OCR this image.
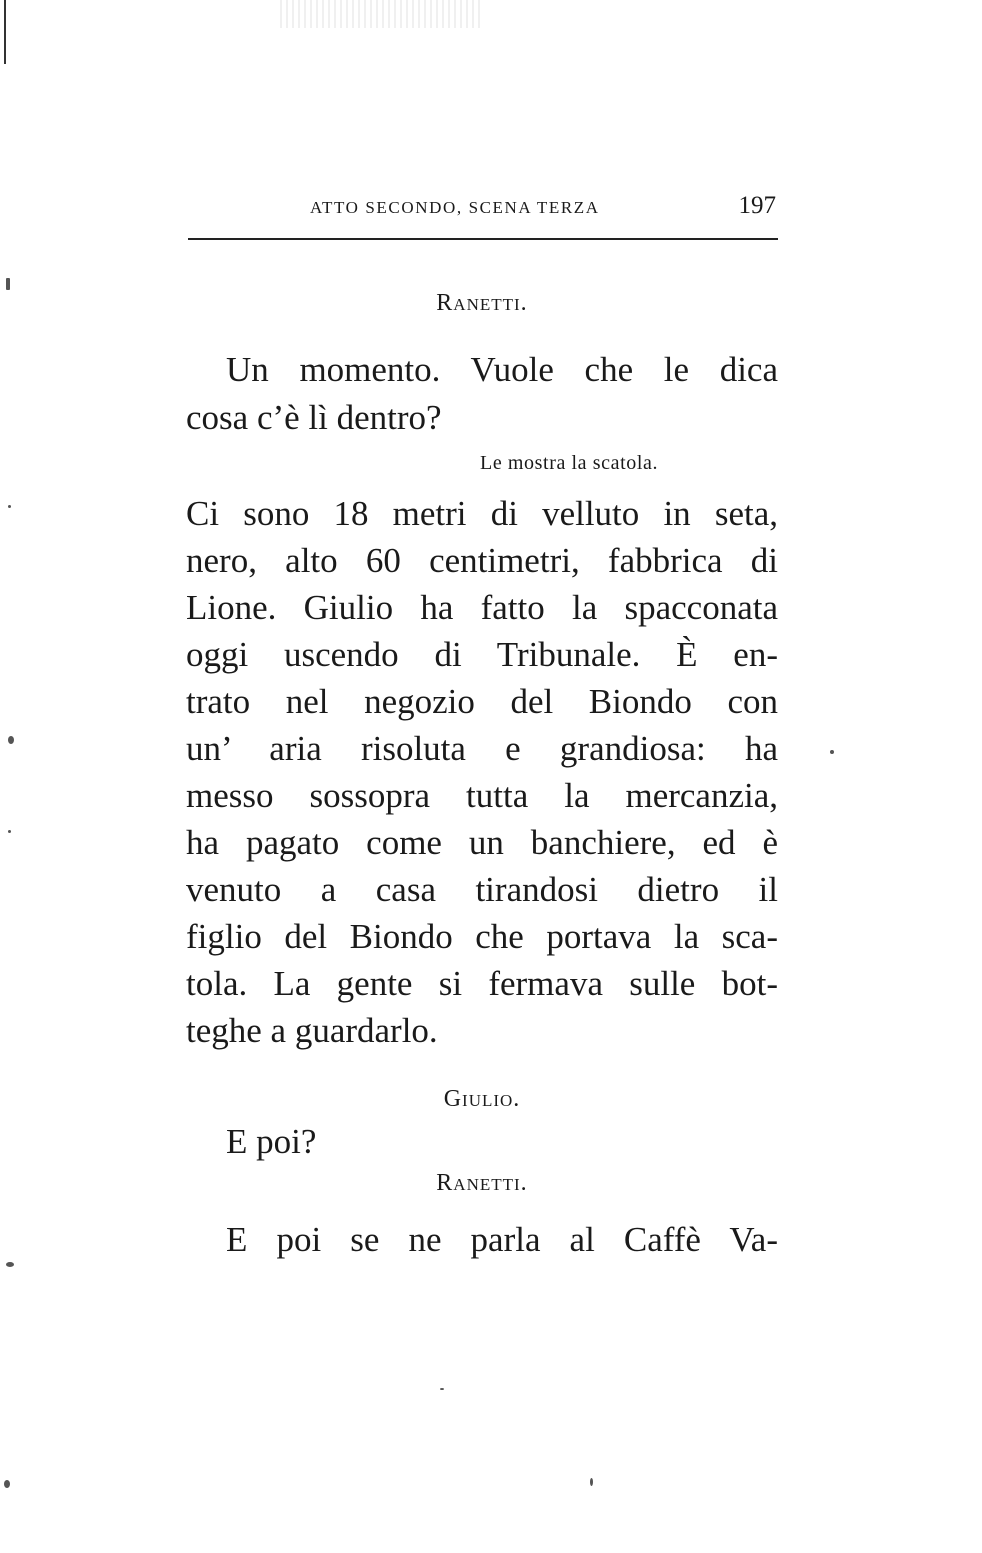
ATTO SECONDO, SCENA TERZA	197
Ranetti.
Un momento. Vuole che le dica
cosa c’è lì dentro?
Le mostra la scatola.
Ci sono 18 metri di velluto in seta,
nero, alto 60 centimetri, fabbrica di
Lione. Giulio ha fatto la spacconata
oggi uscendo di Tribunale. È en-
trato nel negozio del Biondo con
un’ aria risoluta e grandiosa: ha
messo sossopra tutta la mercanzia,
ha pagato come un banchiere, ed è
venuto a casa tirandosi dietro il
figlio del Biondo che portava la sca-
tola. La gente si fermava sulle bot-
teghe a guardarlo.
Giulio.
E poi?
Ranetti.
E poi se ne parla al Caffè Va-
